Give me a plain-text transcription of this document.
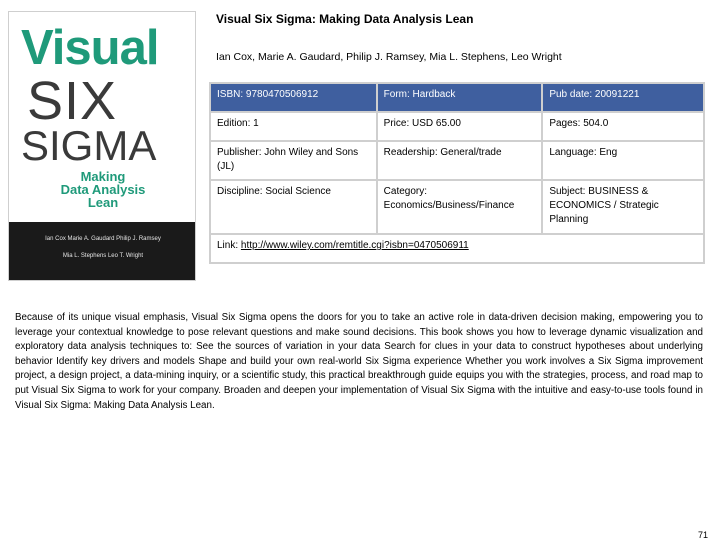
Visual
SIX
SIGMA
Making
Data Analysis
Lean
Ian Cox Marie A. Gaudard Philip J. Ramsey
Mia L. Stephens Leo T. Wright
Visual Six Sigma: Making Data Analysis Lean
Ian Cox, Marie A. Gaudard, Philip J. Ramsey, Mia L. Stephens, Leo Wright
ISBN: 9780470506912	Form: Hardback	Pub date: 20091221
Edition: 1	Price: USD 65.00	Pages: 504.0
Publisher: John Wiley and Sons (JL)	Readership: General/trade	Language: Eng
Discipline: Social Science	Category: Economics/Business/Finance	Subject: BUSINESS & ECONOMICS / Strategic Planning
Link: http://www.wiley.com/remtitle.cgi?isbn=0470506911		
Because of its unique visual emphasis, Visual Six Sigma opens the doors for you to take an active role in data-driven decision making, empowering you to leverage your contextual knowledge to pose relevant questions and make sound decisions. This book shows you how to leverage dynamic visualization and exploratory data analysis techniques to: See the sources of variation in your data Search for clues in your data to construct hypotheses about underlying behavior Identify key drivers and models Shape and build your own real-world Six Sigma experience Whether you work involves a Six Sigma improvement project, a design project, a data-mining inquiry, or a scientific study, this practical breakthrough guide equips you with the strategies, process, and road map to put Visual Six Sigma to work for your company. Broaden and deepen your implementation of Visual Six Sigma with the intuitive and easy-to-use tools found in Visual Six Sigma: Making Data Analysis Lean.
71
